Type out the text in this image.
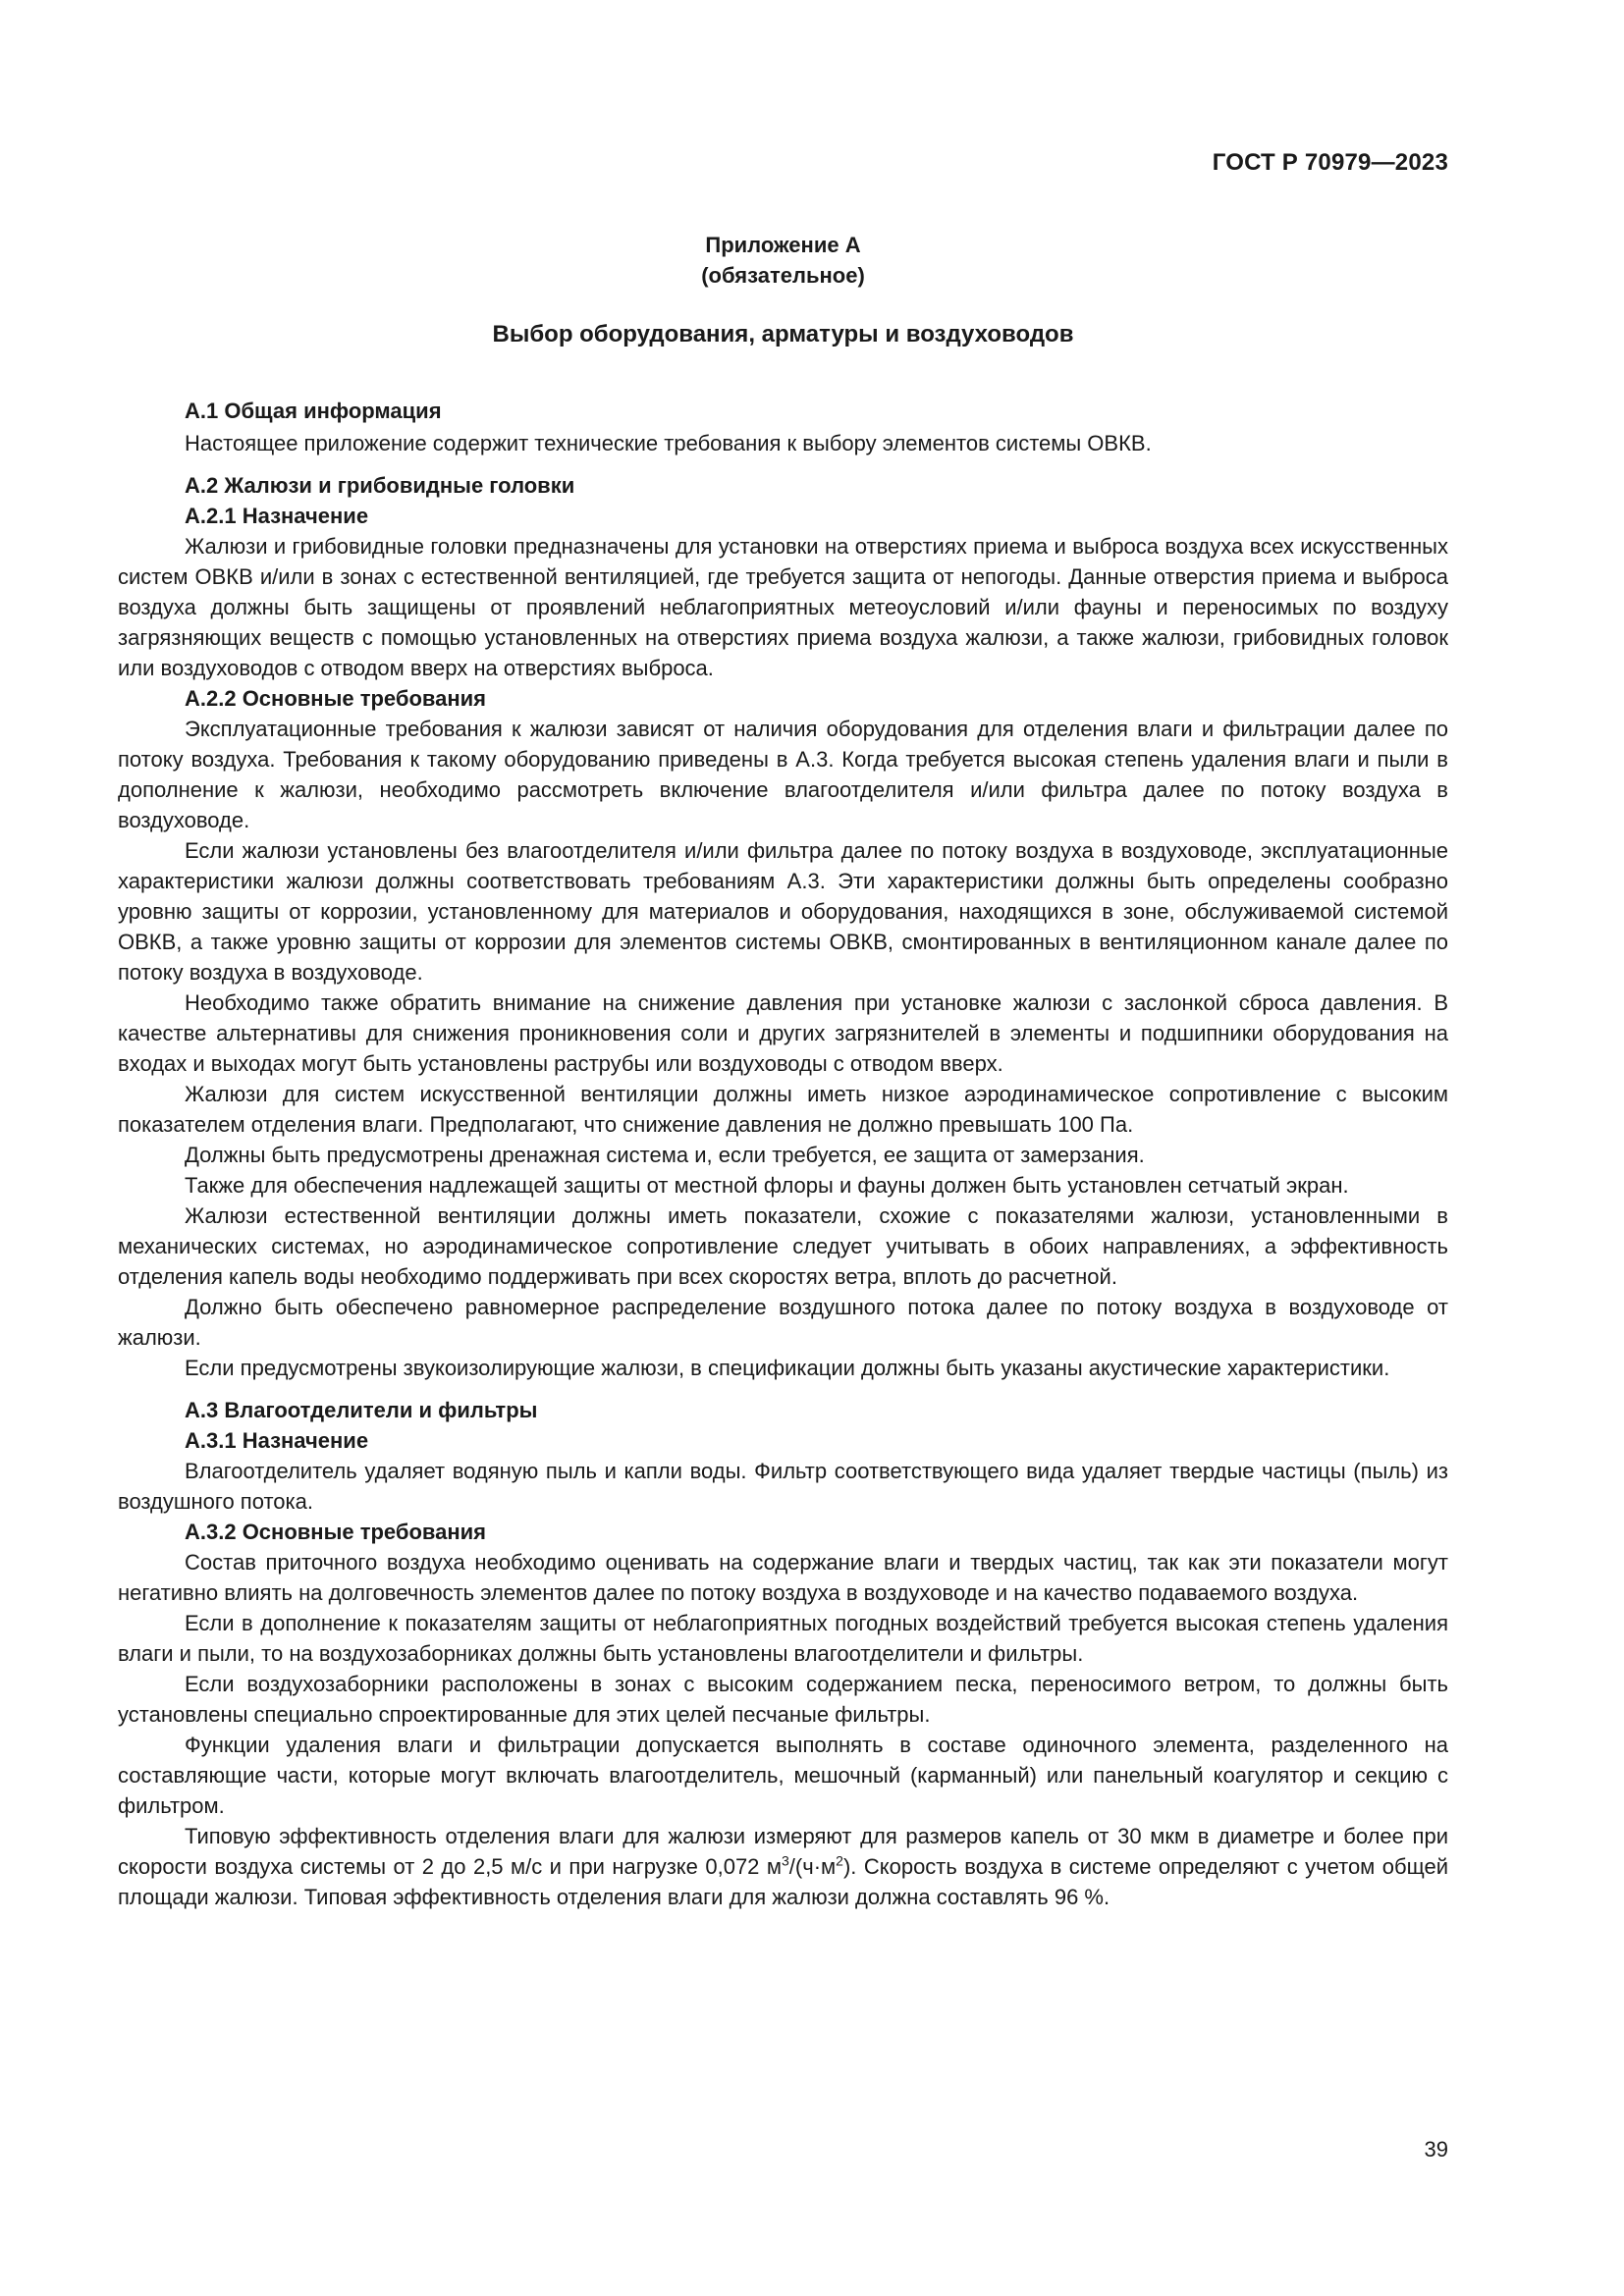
ГОСТ Р 70979—2023
Приложение А
(обязательное)
Выбор оборудования, арматуры и воздуховодов
А.1 Общая информация

Настоящее приложение содержит технические требования к выбору элементов системы ОВКВ.

А.2 Жалюзи и грибовидные головки
А.2.1 Назначение

Жалюзи и грибовидные головки предназначены для установки на отверстиях приема и выброса воздуха всех искусственных систем ОВКВ и/или в зонах с естественной вентиляцией, где требуется защита от непогоды. Данные отверстия приема и выброса воздуха должны быть защищены от проявлений неблагоприятных метеоусловий и/или фауны и переносимых по воздуху загрязняющих веществ с помощью установленных на отверстиях приема воздуха жалюзи, а также жалюзи, грибовидных головок или воздуховодов с отводом вверх на отверстиях выброса.

А.2.2 Основные требования

Эксплуатационные требования к жалюзи зависят от наличия оборудования для отделения влаги и фильтрации далее по потоку воздуха. Требования к такому оборудованию приведены в А.3. Когда требуется высокая степень удаления влаги и пыли в дополнение к жалюзи, необходимо рассмотреть включение влагоотделителя и/или фильтра далее по потоку воздуха в воздуховоде.

Если жалюзи установлены без влагоотделителя и/или фильтра далее по потоку воздуха в воздуховоде, эксплуатационные характеристики жалюзи должны соответствовать требованиям А.3. Эти характеристики должны быть определены сообразно уровню защиты от коррозии, установленному для материалов и оборудования, находящихся в зоне, обслуживаемой системой ОВКВ, а также уровню защиты от коррозии для элементов системы ОВКВ, смонтированных в вентиляционном канале далее по потоку воздуха в воздуховоде.

Необходимо также обратить внимание на снижение давления при установке жалюзи с заслонкой сброса давления. В качестве альтернативы для снижения проникновения соли и других загрязнителей в элементы и подшипники оборудования на входах и выходах могут быть установлены раструбы или воздуховоды с отводом вверх.

Жалюзи для систем искусственной вентиляции должны иметь низкое аэродинамическое сопротивление с высоким показателем отделения влаги. Предполагают, что снижение давления не должно превышать 100 Па.

Должны быть предусмотрены дренажная система и, если требуется, ее защита от замерзания.

Также для обеспечения надлежащей защиты от местной флоры и фауны должен быть установлен сетчатый экран.

Жалюзи естественной вентиляции должны иметь показатели, схожие с показателями жалюзи, установленными в механических системах, но аэродинамическое сопротивление следует учитывать в обоих направлениях, а эффективность отделения капель воды необходимо поддерживать при всех скоростях ветра, вплоть до расчетной.

Должно быть обеспечено равномерное распределение воздушного потока далее по потоку воздуха в воздуховоде от жалюзи.

Если предусмотрены звукоизолирующие жалюзи, в спецификации должны быть указаны акустические характеристики.

А.3 Влагоотделители и фильтры
А.3.1 Назначение

Влагоотделитель удаляет водяную пыль и капли воды. Фильтр соответствующего вида удаляет твердые частицы (пыль) из воздушного потока.

А.3.2 Основные требования

Состав приточного воздуха необходимо оценивать на содержание влаги и твердых частиц, так как эти показатели могут негативно влиять на долговечность элементов далее по потоку воздуха в воздуховоде и на качество подаваемого воздуха.

Если в дополнение к показателям защиты от неблагоприятных погодных воздействий требуется высокая степень удаления влаги и пыли, то на воздухозаборниках должны быть установлены влагоотделители и фильтры.

Если воздухозаборники расположены в зонах с высоким содержанием песка, переносимого ветром, то должны быть установлены специально спроектированные для этих целей песчаные фильтры.

Функции удаления влаги и фильтрации допускается выполнять в составе одиночного элемента, разделенного на составляющие части, которые могут включать влагоотделитель, мешочный (карманный) или панельный коагулятор и секцию с фильтром.

Типовую эффективность отделения влаги для жалюзи измеряют для размеров капель от 30 мкм в диаметре и более при скорости воздуха системы от 2 до 2,5 м/с и при нагрузке 0,072 $м^3/(ч\cdot м^2)$. Скорость воздуха в системе определяют с учетом общей площади жалюзи. Типовая эффективность отделения влаги для жалюзи должна составлять 96 %.

39
